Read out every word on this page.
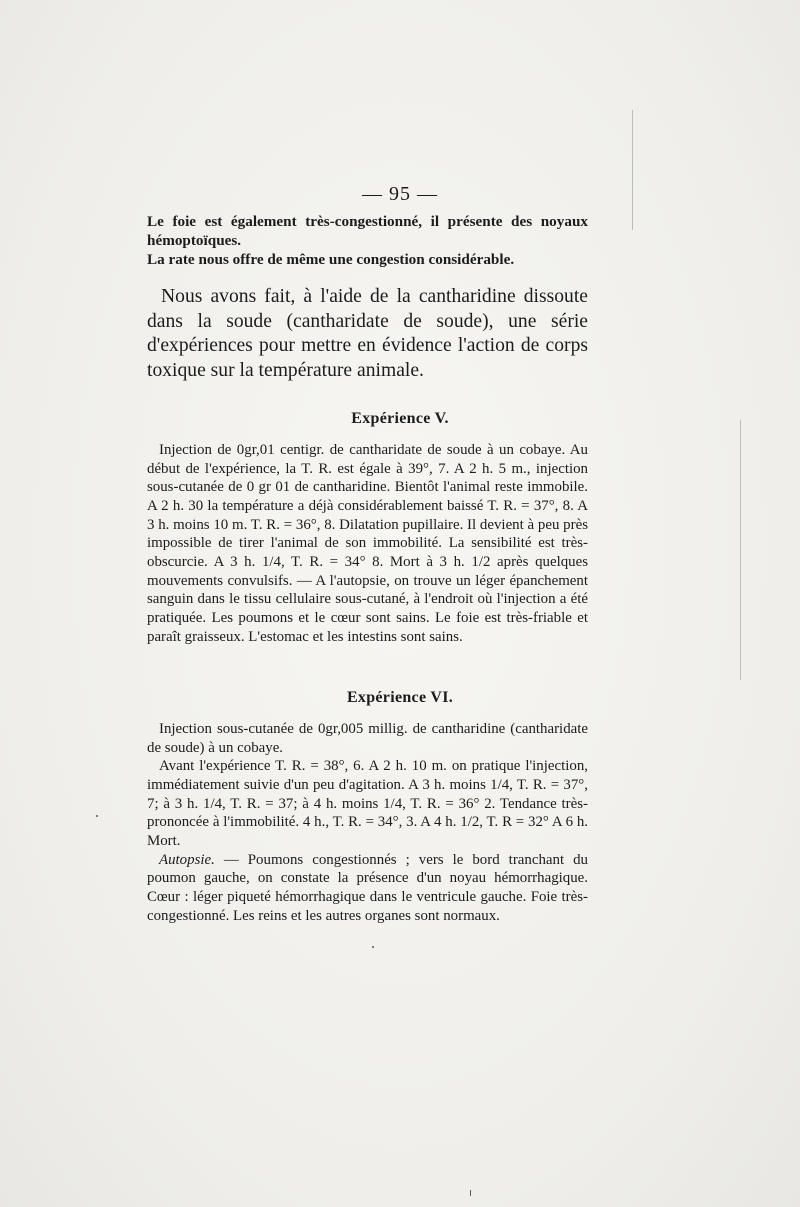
— 95 —

Le foie est également très-congestionné, il présente des noyaux hémoptoïques.

La rate nous offre de même une congestion considérable.

Nous avons fait, à l'aide de la cantharidine dissoute dans la soude (cantharidate de soude), une série d'expériences pour mettre en évidence l'action de corps toxique sur la température animale.

Expérience V.

Injection de 0gr,01 centigr. de cantharidate de soude à un cobaye. Au début de l'expérience, la T. R. est égale à 39°, 7. A 2 h. 5 m., injection sous-cutanée de 0 gr 01 de cantharidine. Bientôt l'animal reste immobile. A 2 h. 30 la température a déjà considérablement baissé T. R. = 37°, 8. A 3 h. moins 10 m. T. R. = 36°, 8. Dilatation pupillaire. Il devient à peu près impossible de tirer l'animal de son immobilité. La sensibilité est très-obscurcie. A 3 h. 1/4, T. R. = 34° 8. Mort à 3 h. 1/2 après quelques mouvements convulsifs. — A l'autopsie, on trouve un léger épanchement sanguin dans le tissu cellulaire sous-cutané, à l'endroit où l'injection a été pratiquée. Les poumons et le cœur sont sains. Le foie est très-friable et paraît graisseux. L'estomac et les intestins sont sains.

Expérience VI.

Injection sous-cutanée de 0gr,005 millig. de cantharidine (cantharidate de soude) à un cobaye.

Avant l'expérience T. R. = 38°, 6. A 2 h. 10 m. on pratique l'injection, immédiatement suivie d'un peu d'agitation. A 3 h. moins 1/4, T. R. = 37°, 7; à 3 h. 1/4, T. R. = 37; à 4 h. moins 1/4, T. R. = 36° 2. Tendance très-prononcée à l'immobilité. 4 h., T. R. = 34°, 3. A 4 h. 1/2, T. R = 32° A 6 h. Mort.

Autopsie. — Poumons congestionnés ; vers le bord tranchant du poumon gauche, on constate la présence d'un noyau hémorrhagique. Cœur : léger piqueté hémorrhagique dans le ventricule gauche. Foie très-congestionné. Les reins et les autres organes sont normaux.
